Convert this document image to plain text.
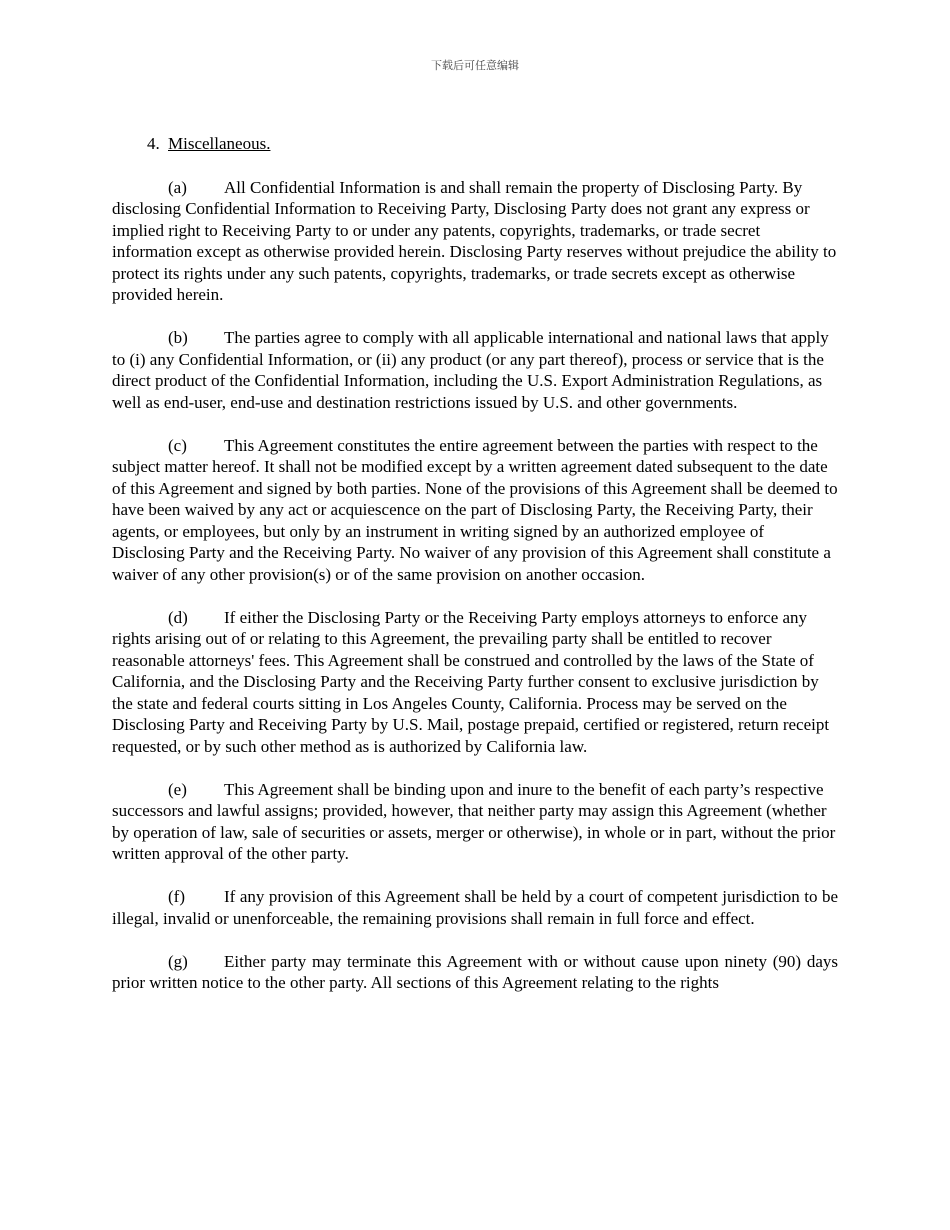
下载后可任意编辑
4. Miscellaneous.

(a) All Confidential Information is and shall remain the property of Disclosing Party. By disclosing Confidential Information to Receiving Party, Disclosing Party does not grant any express or implied right to Receiving Party to or under any patents, copyrights, trademarks, or trade secret information except as otherwise provided herein. Disclosing Party reserves without prejudice the ability to protect its rights under any such patents, copyrights, trademarks, or trade secrets except as otherwise provided herein.

(b) The parties agree to comply with all applicable international and national laws that apply to (i) any Confidential Information, or (ii) any product (or any part thereof), process or service that is the direct product of the Confidential Information, including the U.S. Export Administration Regulations, as well as end-user, end-use and destination restrictions issued by U.S. and other governments.

(c) This Agreement constitutes the entire agreement between the parties with respect to the subject matter hereof. It shall not be modified except by a written agreement dated subsequent to the date of this Agreement and signed by both parties. None of the provisions of this Agreement shall be deemed to have been waived by any act or acquiescence on the part of Disclosing Party, the Receiving Party, their agents, or employees, but only by an instrument in writing signed by an authorized employee of Disclosing Party and the Receiving Party. No waiver of any provision of this Agreement shall constitute a waiver of any other provision(s) or of the same provision on another occasion.

(d) If either the Disclosing Party or the Receiving Party employs attorneys to enforce any rights arising out of or relating to this Agreement, the prevailing party shall be entitled to recover reasonable attorneys' fees. This Agreement shall be construed and controlled by the laws of the State of California, and the Disclosing Party and the Receiving Party further consent to exclusive jurisdiction by the state and federal courts sitting in Los Angeles County, California. Process may be served on the Disclosing Party and Receiving Party by U.S. Mail, postage prepaid, certified or registered, return receipt requested, or by such other method as is authorized by California law.

(e) This Agreement shall be binding upon and inure to the benefit of each party’s respective successors and lawful assigns; provided, however, that neither party may assign this Agreement (whether by operation of law, sale of securities or assets, merger or otherwise), in whole or in part, without the prior written approval of the other party.

(f) If any provision of this Agreement shall be held by a court of competent jurisdiction to be illegal, invalid or unenforceable, the remaining provisions shall remain in full force and effect.

(g) Either party may terminate this Agreement with or without cause upon ninety (90) days prior written notice to the other party. All sections of this Agreement relating to the rights
